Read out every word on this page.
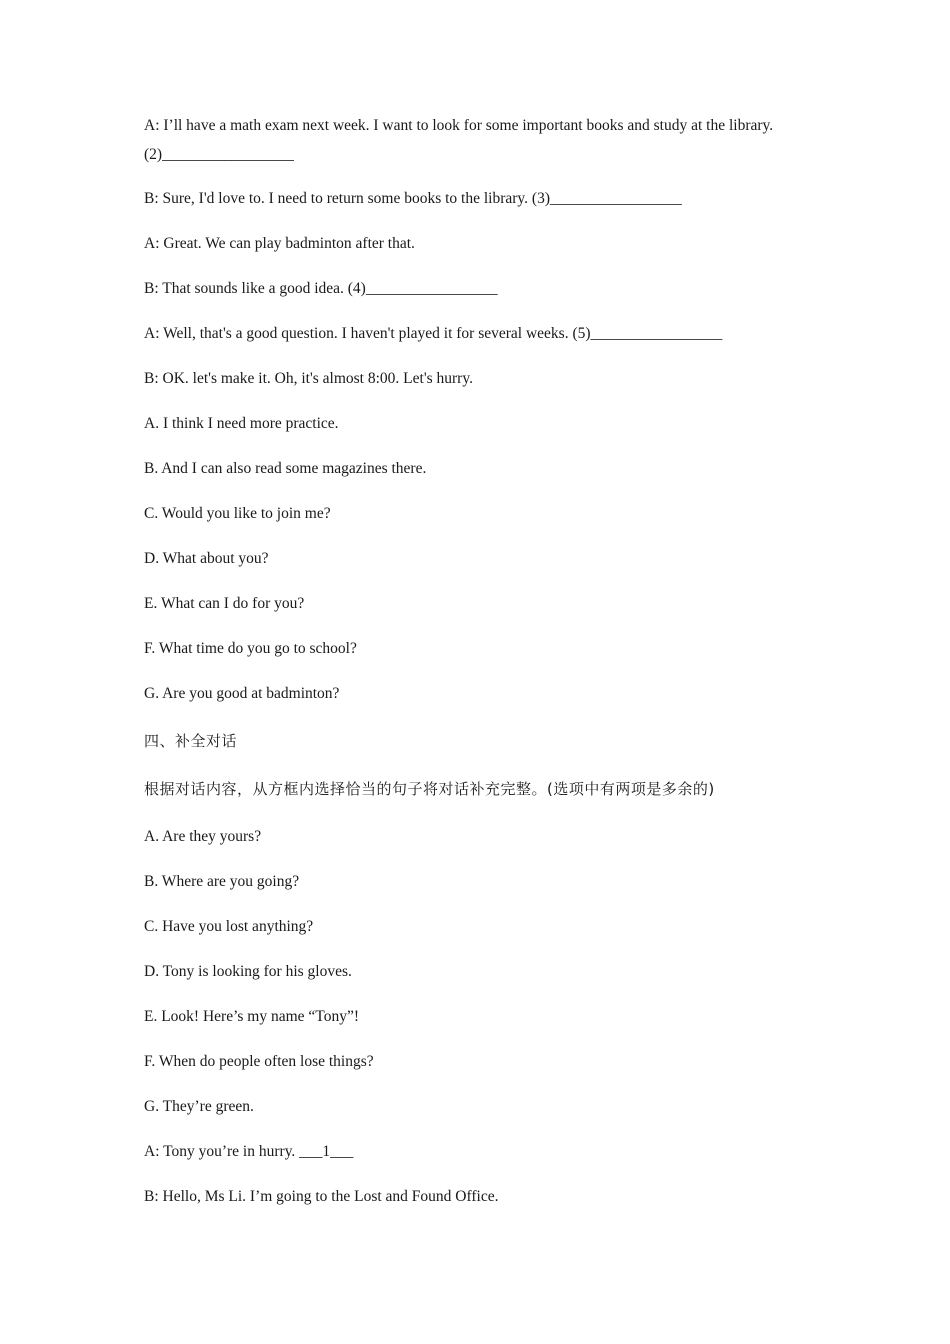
A: I’ll have a math exam next week. I want to look for some important books and study at the library. (2)_________________
B: Sure, I'd love to. I need to return some books to the library. (3)_________________
A: Great. We can play badminton after that.
B: That sounds like a good idea. (4)_________________
A: Well, that's a good question. I haven't played it for several weeks. (5)_________________
B: OK. let's make it. Oh, it's almost 8:00. Let's hurry.
A. I think I need more practice.
B. And I can also read some magazines there.
C. Would you like to join me?
D. What about you?
E. What can I do for you?
F. What time do you go to school?
G. Are you good at badminton?
四、补全对话
根据对话内容，从方框内选择恰当的句子将对话补充完整。(选项中有两项是多余的)
A. Are they yours?
B. Where are you going?
C. Have you lost anything?
D. Tony is looking for his gloves.
E. Look! Here’s my name “Tony”!
F. When do people often lose things?
G. They’re green.
A: Tony you’re in hurry. ___1___
B: Hello, Ms Li. I’m going to the Lost and Found Office.
